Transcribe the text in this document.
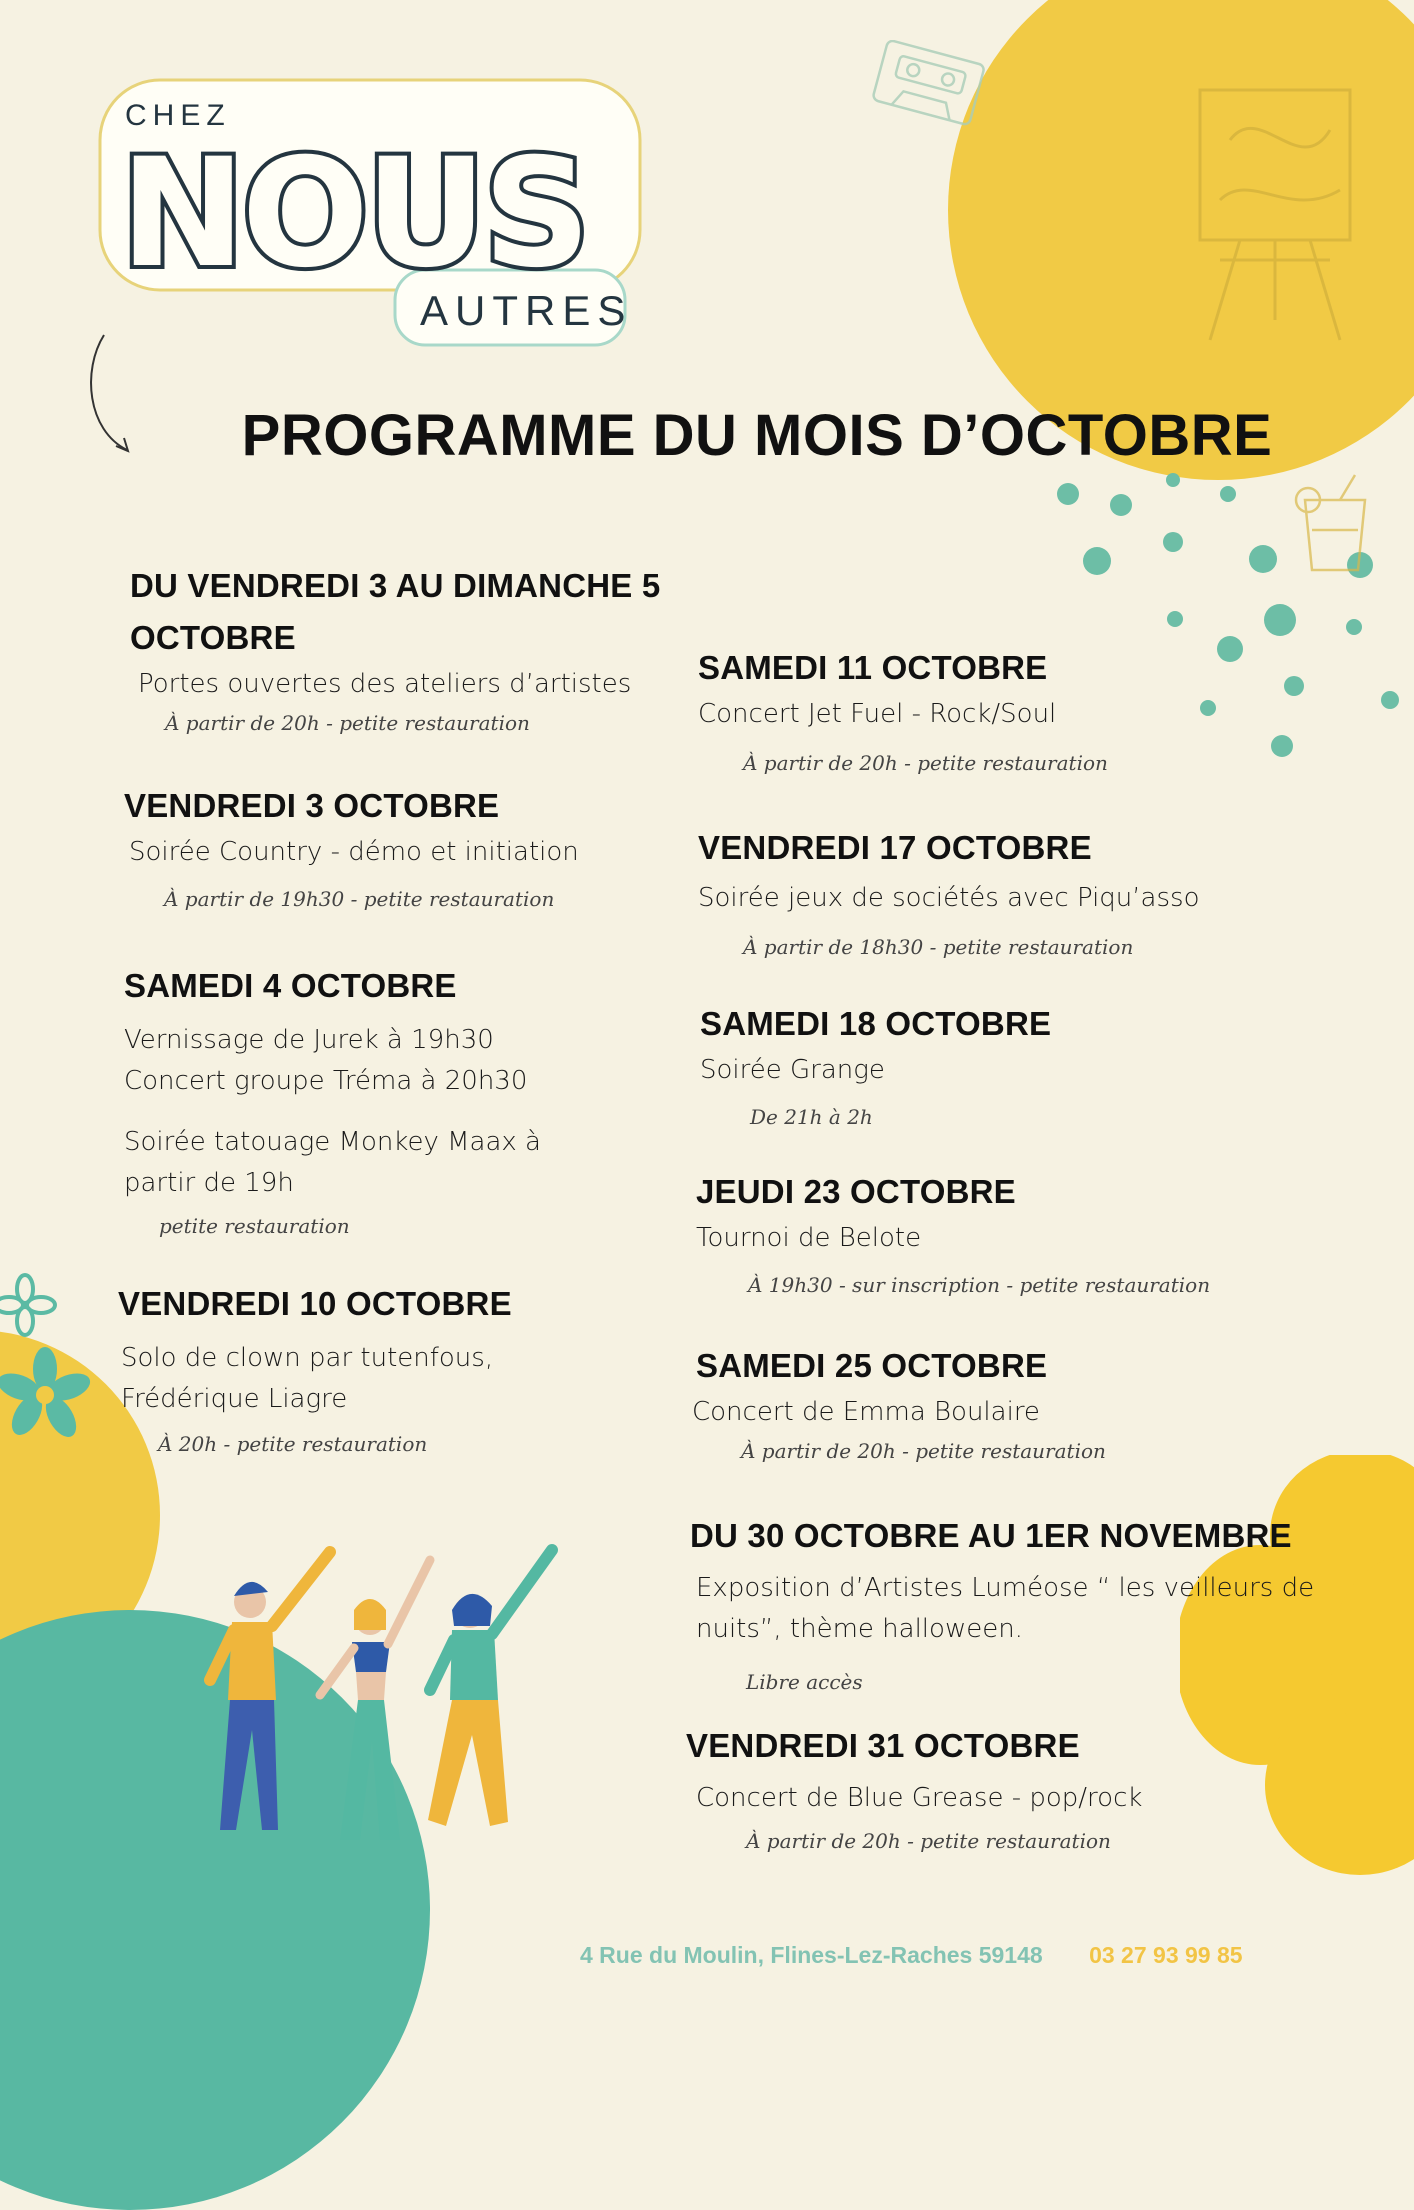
CHEZ
NOUS
AUTRES
PROGRAMME DU MOIS D’OCTOBRE
DU VENDREDI 3 AU DIMANCHE 5
OCTOBRE

Portes ouvertes des ateliers d’artistes

À partir de 20h - petite restauration

VENDREDI 3 OCTOBRE

Soirée Country - démo et initiation

À partir de 19h30 - petite restauration

SAMEDI 4 OCTOBRE

Vernissage de Jurek à 19h30

Concert groupe Tréma à 20h30

Soirée tatouage Monkey Maax à

partir de 19h

petite restauration

VENDREDI 10 OCTOBRE

Solo de clown par tutenfous,

Frédérique Liagre

À 20h - petite restauration

SAMEDI 11 OCTOBRE

Concert Jet Fuel - Rock/Soul

À partir de 20h - petite restauration

VENDREDI 17 OCTOBRE

Soirée jeux de sociétés avec Piqu’asso

À partir de 18h30 - petite restauration

SAMEDI 18 OCTOBRE

Soirée Grange

De 21h à 2h

JEUDI 23 OCTOBRE

Tournoi de Belote

À 19h30 - sur inscription - petite restauration

SAMEDI 25 OCTOBRE

Concert de Emma Boulaire

À partir de 20h - petite restauration

DU 30 OCTOBRE AU 1ER NOVEMBRE

Exposition d’Artistes Luméose “ les veilleurs de

nuits”, thème halloween.

Libre accès

VENDREDI 31 OCTOBRE

Concert de Blue Grease - pop/rock

À partir de 20h - petite restauration

4 Rue du Moulin, Flines-Lez-Raches 59148 03 27 93 99 85
